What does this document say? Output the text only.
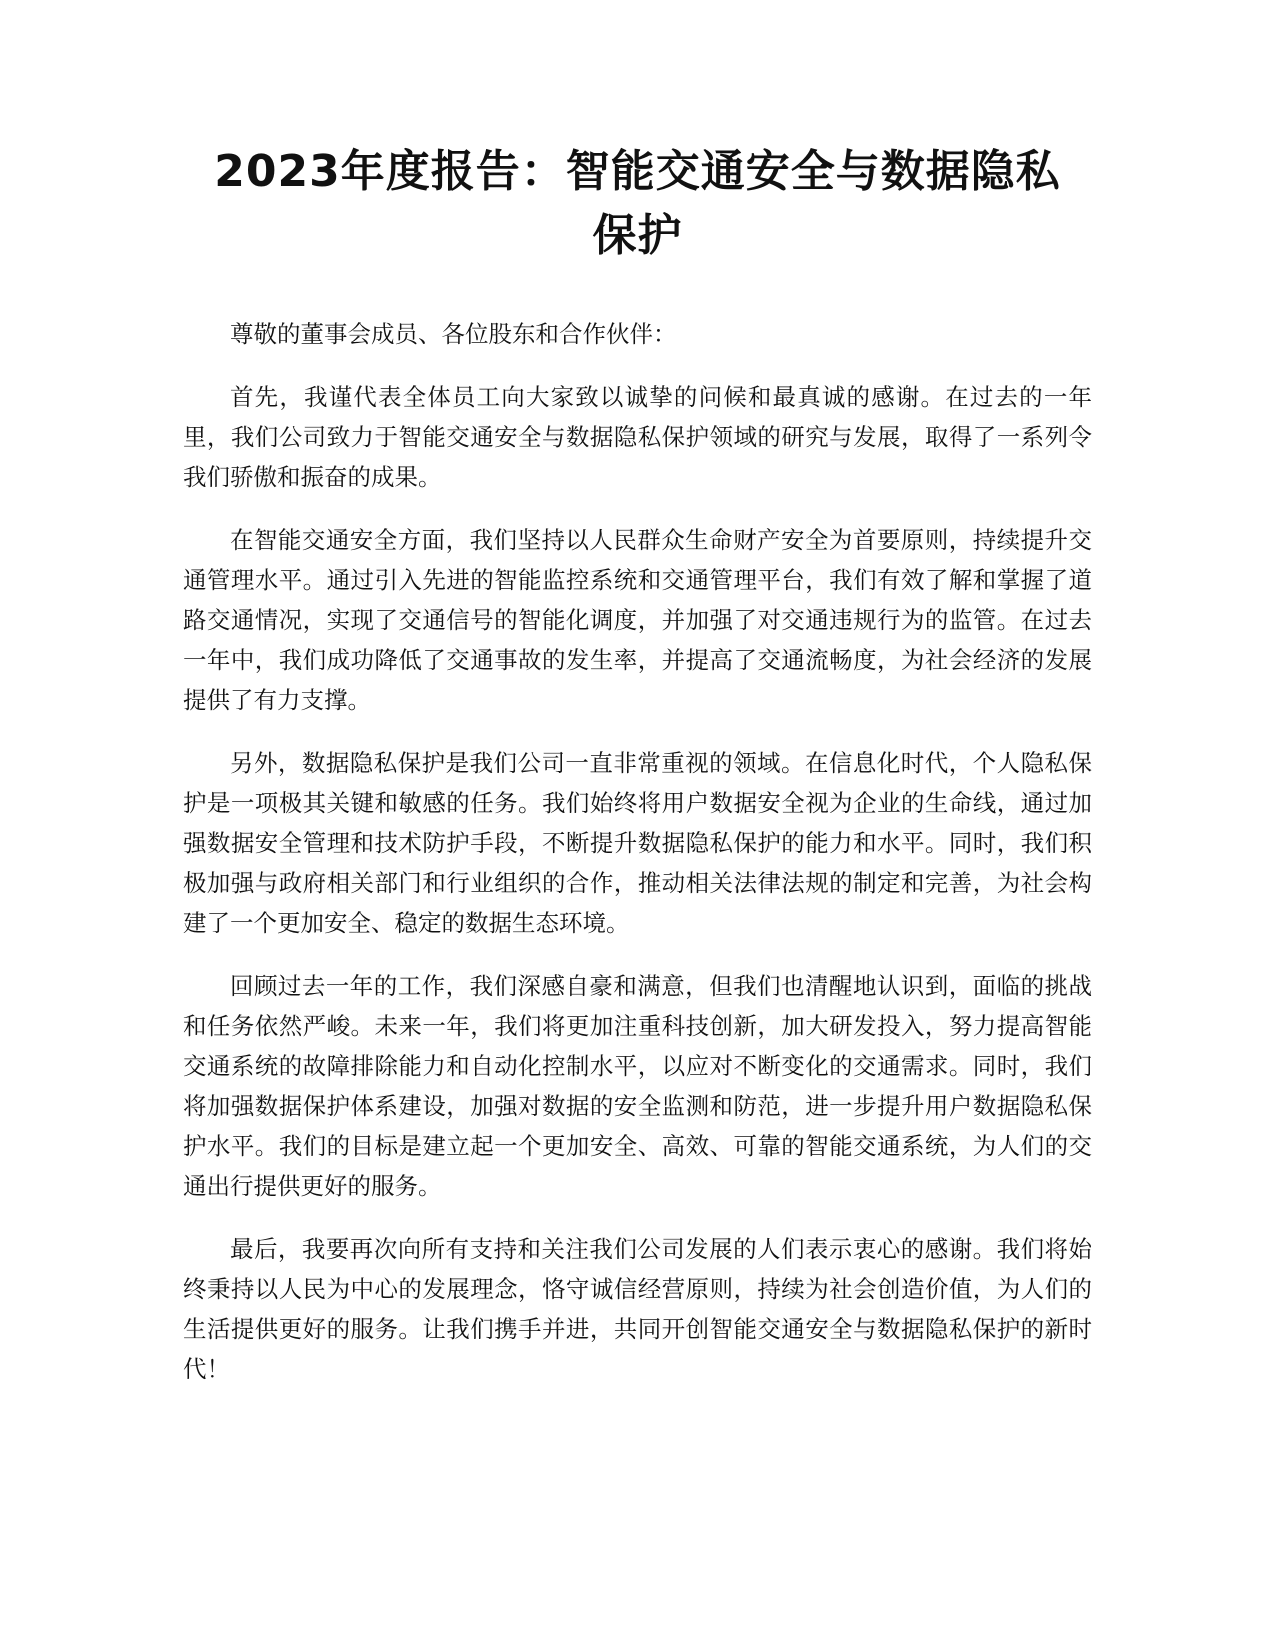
2023年度报告：智能交通安全与数据隐私保护

尊敬的董事会成员、各位股东和合作伙伴：

首先，我谨代表全体员工向大家致以诚挚的问候和最真诚的感谢。在过去的一年里，我们公司致力于智能交通安全与数据隐私保护领域的研究与发展，取得了一系列令我们骄傲和振奋的成果。

在智能交通安全方面，我们坚持以人民群众生命财产安全为首要原则，持续提升交通管理水平。通过引入先进的智能监控系统和交通管理平台，我们有效了解和掌握了道路交通情况，实现了交通信号的智能化调度，并加强了对交通违规行为的监管。在过去一年中，我们成功降低了交通事故的发生率，并提高了交通流畅度，为社会经济的发展提供了有力支撑。

另外，数据隐私保护是我们公司一直非常重视的领域。在信息化时代，个人隐私保护是一项极其关键和敏感的任务。我们始终将用户数据安全视为企业的生命线，通过加强数据安全管理和技术防护手段，不断提升数据隐私保护的能力和水平。同时，我们积极加强与政府相关部门和行业组织的合作，推动相关法律法规的制定和完善，为社会构建了一个更加安全、稳定的数据生态环境。

回顾过去一年的工作，我们深感自豪和满意，但我们也清醒地认识到，面临的挑战和任务依然严峻。未来一年，我们将更加注重科技创新，加大研发投入，努力提高智能交通系统的故障排除能力和自动化控制水平，以应对不断变化的交通需求。同时，我们将加强数据保护体系建设，加强对数据的安全监测和防范，进一步提升用户数据隐私保护水平。我们的目标是建立起一个更加安全、高效、可靠的智能交通系统，为人们的交通出行提供更好的服务。

最后，我要再次向所有支持和关注我们公司发展的人们表示衷心的感谢。我们将始终秉持以人民为中心的发展理念，恪守诚信经营原则，持续为社会创造价值，为人们的生活提供更好的服务。让我们携手并进，共同开创智能交通安全与数据隐私保护的新时代！
